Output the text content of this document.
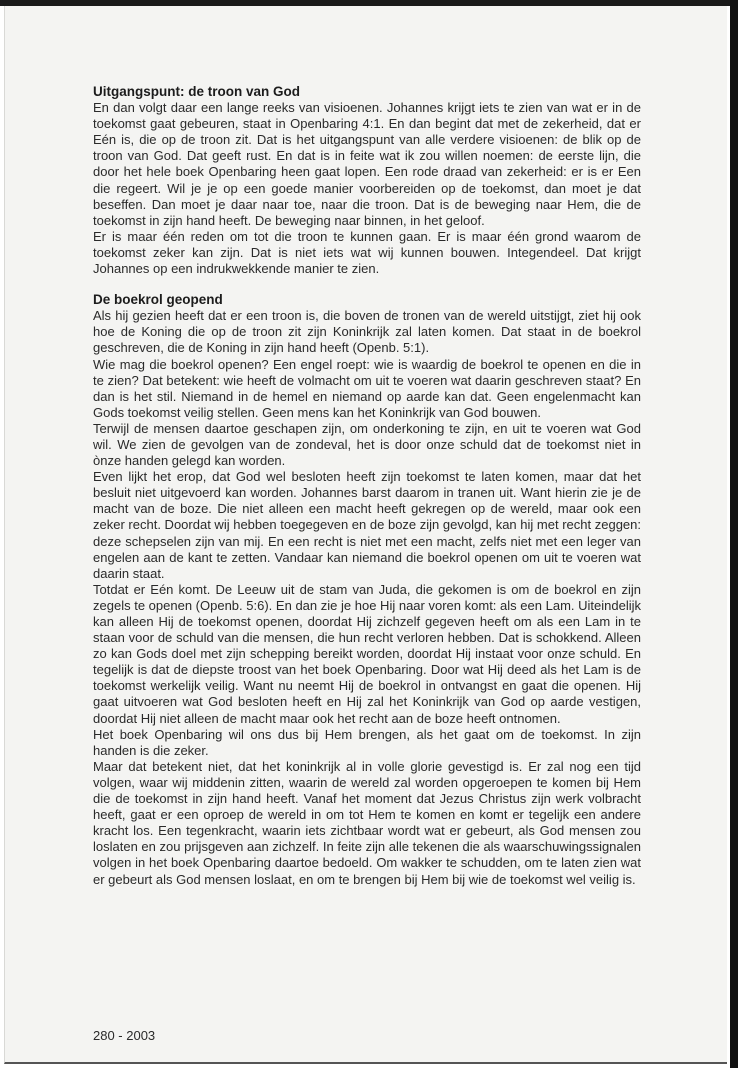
Uitgangspunt: de troon van God

En dan volgt daar een lange reeks van visioenen. Johannes krijgt iets te zien van wat er in de toekomst gaat gebeuren, staat in Openbaring 4:1. En dan begint dat met de zekerheid, dat er Eén is, die op de troon zit. Dat is het uitgangspunt van alle verdere visioenen: de blik op de troon van God. Dat geeft rust. En dat is in feite wat ik zou willen noemen: de eerste lijn, die door het hele boek Openbaring heen gaat lopen. Een rode draad van zekerheid: er is er Een die regeert. Wil je je op een goede manier voorbereiden op de toekomst, dan moet je dat beseffen. Dan moet je daar naar toe, naar die troon. Dat is de beweging naar Hem, die de toekomst in zijn hand heeft. De beweging naar binnen, in het geloof.

Er is maar één reden om tot die troon te kunnen gaan. Er is maar één grond waarom de toekomst zeker kan zijn. Dat is niet iets wat wij kunnen bouwen. Integendeel. Dat krijgt Johannes op een indrukwekkende manier te zien.

De boekrol geopend

Als hij gezien heeft dat er een troon is, die boven de tronen van de wereld uitstijgt, ziet hij ook hoe de Koning die op de troon zit zijn Koninkrijk zal laten komen. Dat staat in de boekrol geschreven, die de Koning in zijn hand heeft (Openb. 5:1).

Wie mag die boekrol openen? Een engel roept: wie is waardig de boekrol te openen en die in te zien? Dat betekent: wie heeft de volmacht om uit te voeren wat daarin geschreven staat? En dan is het stil. Niemand in de hemel en niemand op aarde kan dat. Geen engelenmacht kan Gods toekomst veilig stellen. Geen mens kan het Koninkrijk van God bouwen.

Terwijl de mensen daartoe geschapen zijn, om onderkoning te zijn, en uit te voeren wat God wil. We zien de gevolgen van de zondeval, het is door onze schuld dat de toekomst niet in ònze handen gelegd kan worden.

Even lijkt het erop, dat God wel besloten heeft zijn toekomst te laten komen, maar dat het besluit niet uitgevoerd kan worden. Johannes barst daarom in tranen uit. Want hierin zie je de macht van de boze. Die niet alleen een macht heeft gekregen op de wereld, maar ook een zeker recht. Doordat wij hebben toegegeven en de boze zijn gevolgd, kan hij met recht zeggen: deze schepselen zijn van mij. En een recht is niet met een macht, zelfs niet met een leger van engelen aan de kant te zetten. Vandaar kan niemand die boekrol openen om uit te voeren wat daarin staat.

Totdat er Eén komt. De Leeuw uit de stam van Juda, die gekomen is om de boekrol en zijn zegels te openen (Openb. 5:6). En dan zie je hoe Hij naar voren komt: als een Lam. Uiteindelijk kan alleen Hij de toekomst openen, doordat Hij zichzelf gegeven heeft om als een Lam in te staan voor de schuld van die mensen, die hun recht verloren hebben. Dat is schokkend. Alleen zo kan Gods doel met zijn schepping bereikt worden, doordat Hij instaat voor onze schuld. En tegelijk is dat de diepste troost van het boek Openbaring. Door wat Hij deed als het Lam is de toekomst werkelijk veilig. Want nu neemt Hij de boekrol in ontvangst en gaat die openen. Hij gaat uitvoeren wat God besloten heeft en Hij zal het Koninkrijk van God op aarde vestigen, doordat Hij niet alleen de macht maar ook het recht aan de boze heeft ontnomen.

Het boek Openbaring wil ons dus bij Hem brengen, als het gaat om de toekomst. In zijn handen is die zeker.

Maar dat betekent niet, dat het koninkrijk al in volle glorie gevestigd is. Er zal nog een tijd volgen, waar wij middenin zitten, waarin de wereld zal worden opgeroepen te komen bij Hem die de toekomst in zijn hand heeft. Vanaf het moment dat Jezus Christus zijn werk volbracht heeft, gaat er een oproep de wereld in om tot Hem te komen en komt er tegelijk een andere kracht los. Een tegenkracht, waarin iets zichtbaar wordt wat er gebeurt, als God mensen zou loslaten en zou prijsgeven aan zichzelf. In feite zijn alle tekenen die als waarschuwingssignalen volgen in het boek Openbaring daartoe bedoeld. Om wakker te schudden, om te laten zien wat er gebeurt als God mensen loslaat, en om te brengen bij Hem bij wie de toekomst wel veilig is.

280 - 2003
